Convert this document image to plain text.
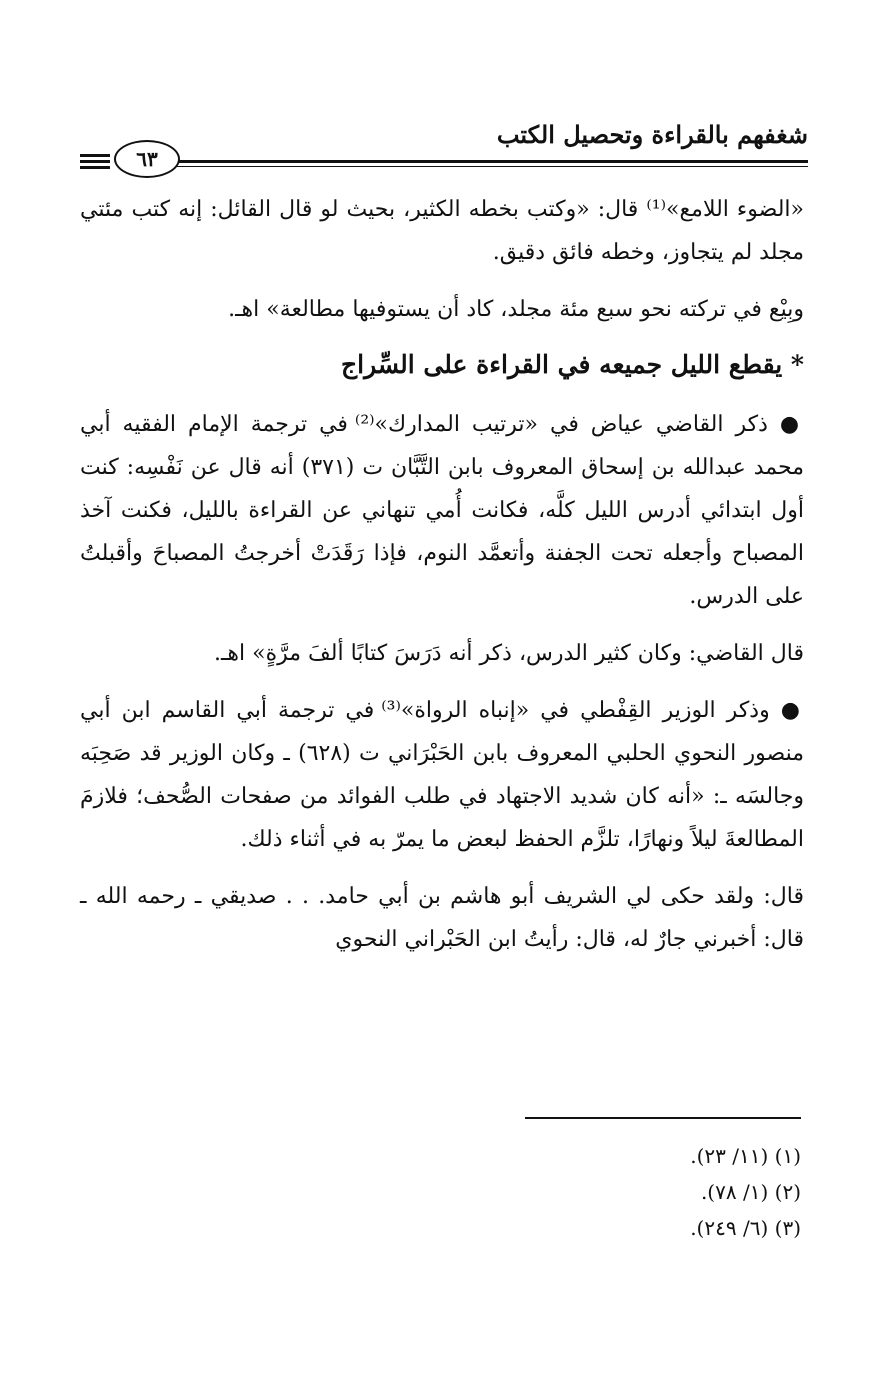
شغفهم بالقراءة وتحصيل الكتب
٦٣

«الضوء اللامع»⁽¹⁾ قال: «وكتب بخطه الكثير، بحيث لو قال القائل: إنه كتب مئتي مجلد لم يتجاوز، وخطه فائق دقيق.

وبِيْع في تركته نحو سبع مئة مجلد، كاد أن يستوفيها مطالعة» اهـ.

* يقطع الليل جميعه في القراءة على السِّراج

● ذكر القاضي عياض في «ترتيب المدارك»⁽²⁾ في ترجمة الإمام الفقيه أبي محمد عبدالله بن إسحاق المعروف بابن التَّبَّان ت (٣٧١) أنه قال عن نَفْسِه: كنت أول ابتدائي أدرس الليل كلَّه، فكانت أُمي تنهاني عن القراءة بالليل، فكنت آخذ المصباح وأجعله تحت الجفنة وأتعمَّد النوم، فإذا رَقَدَتْ أخرجتُ المصباحَ وأقبلتُ على الدرس.

قال القاضي: وكان كثير الدرس، ذكر أنه دَرَسَ كتابًا ألفَ مرَّةٍ» اهـ.

● وذكر الوزير القِفْطي في «إنباه الرواة»⁽³⁾ في ترجمة أبي القاسم ابن أبي منصور النحوي الحلبي المعروف بابن الحَبْرَاني ت (٦٢٨) ـ وكان الوزير قد صَحِبَه وجالسَه ـ: «أنه كان شديد الاجتهاد في طلب الفوائد من صفحات الصُّحف؛ فلازمَ المطالعةَ ليلاً ونهارًا، تلزَّم الحفظ لبعض ما يمرّ به في أثناء ذلك.

قال: ولقد حكى لي الشريف أبو هاشم بن أبي حامد. . . صديقي ـ رحمه الله ـ قال: أخبرني جارٌ له، قال: رأيتُ ابن الحَبْراني النحوي

(١) (١١/ ٢٣).
(٢) (١/ ٧٨).
(٣) (٦/ ٢٤٩).
